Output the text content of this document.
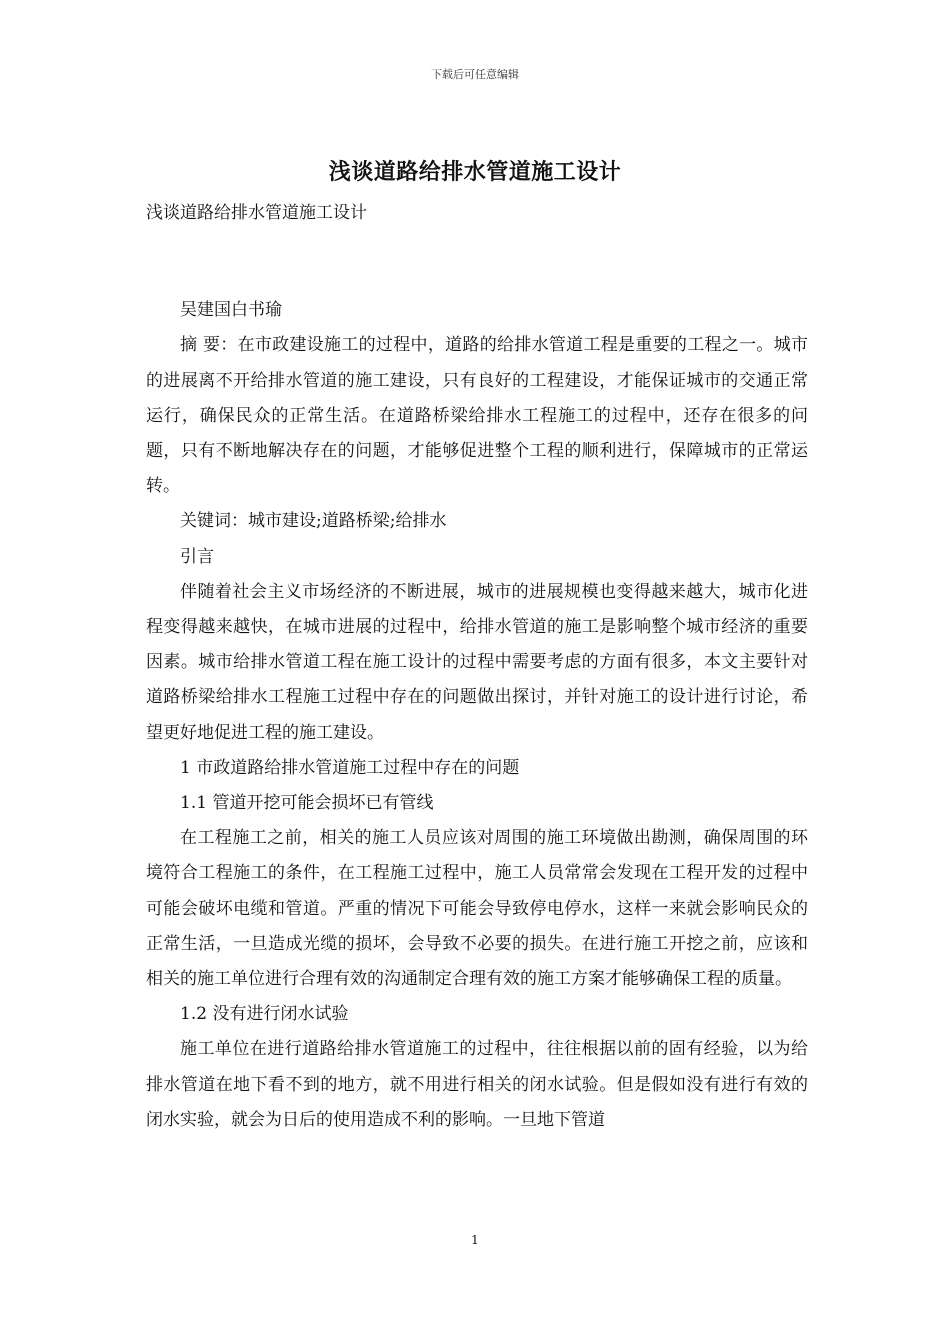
下载后可任意编辑
浅谈道路给排水管道施工设计

浅谈道路给排水管道施工设计

吴建国白书瑜

摘 要：在市政建设施工的过程中，道路的给排水管道工程是重要的工程之一。城市的进展离不开给排水管道的施工建设，只有良好的工程建设，才能保证城市的交通正常运行，确保民众的正常生活。在道路桥梁给排水工程施工的过程中，还存在很多的问题，只有不断地解决存在的问题，才能够促进整个工程的顺利进行，保障城市的正常运转。

关键词：城市建设;道路桥梁;给排水

引言

伴随着社会主义市场经济的不断进展，城市的进展规模也变得越来越大，城市化进程变得越来越快，在城市进展的过程中，给排水管道的施工是影响整个城市经济的重要因素。城市给排水管道工程在施工设计的过程中需要考虑的方面有很多，本文主要针对道路桥梁给排水工程施工过程中存在的问题做出探讨，并针对施工的设计进行讨论，希望更好地促进工程的施工建设。

1 市政道路给排水管道施工过程中存在的问题

1.1 管道开挖可能会损坏已有管线

在工程施工之前，相关的施工人员应该对周围的施工环境做出勘测，确保周围的环境符合工程施工的条件，在工程施工过程中，施工人员常常会发现在工程开发的过程中可能会破坏电缆和管道。严重的情况下可能会导致停电停水，这样一来就会影响民众的正常生活，一旦造成光缆的损坏，会导致不必要的损失。在进行施工开挖之前，应该和相关的施工单位进行合理有效的沟通制定合理有效的施工方案才能够确保工程的质量。

1.2 没有进行闭水试验

施工单位在进行道路给排水管道施工的过程中，往往根据以前的固有经验，以为给排水管道在地下看不到的地方，就不用进行相关的闭水试验。但是假如没有进行有效的闭水实验，就会为日后的使用造成不利的影响。一旦地下管道

1
